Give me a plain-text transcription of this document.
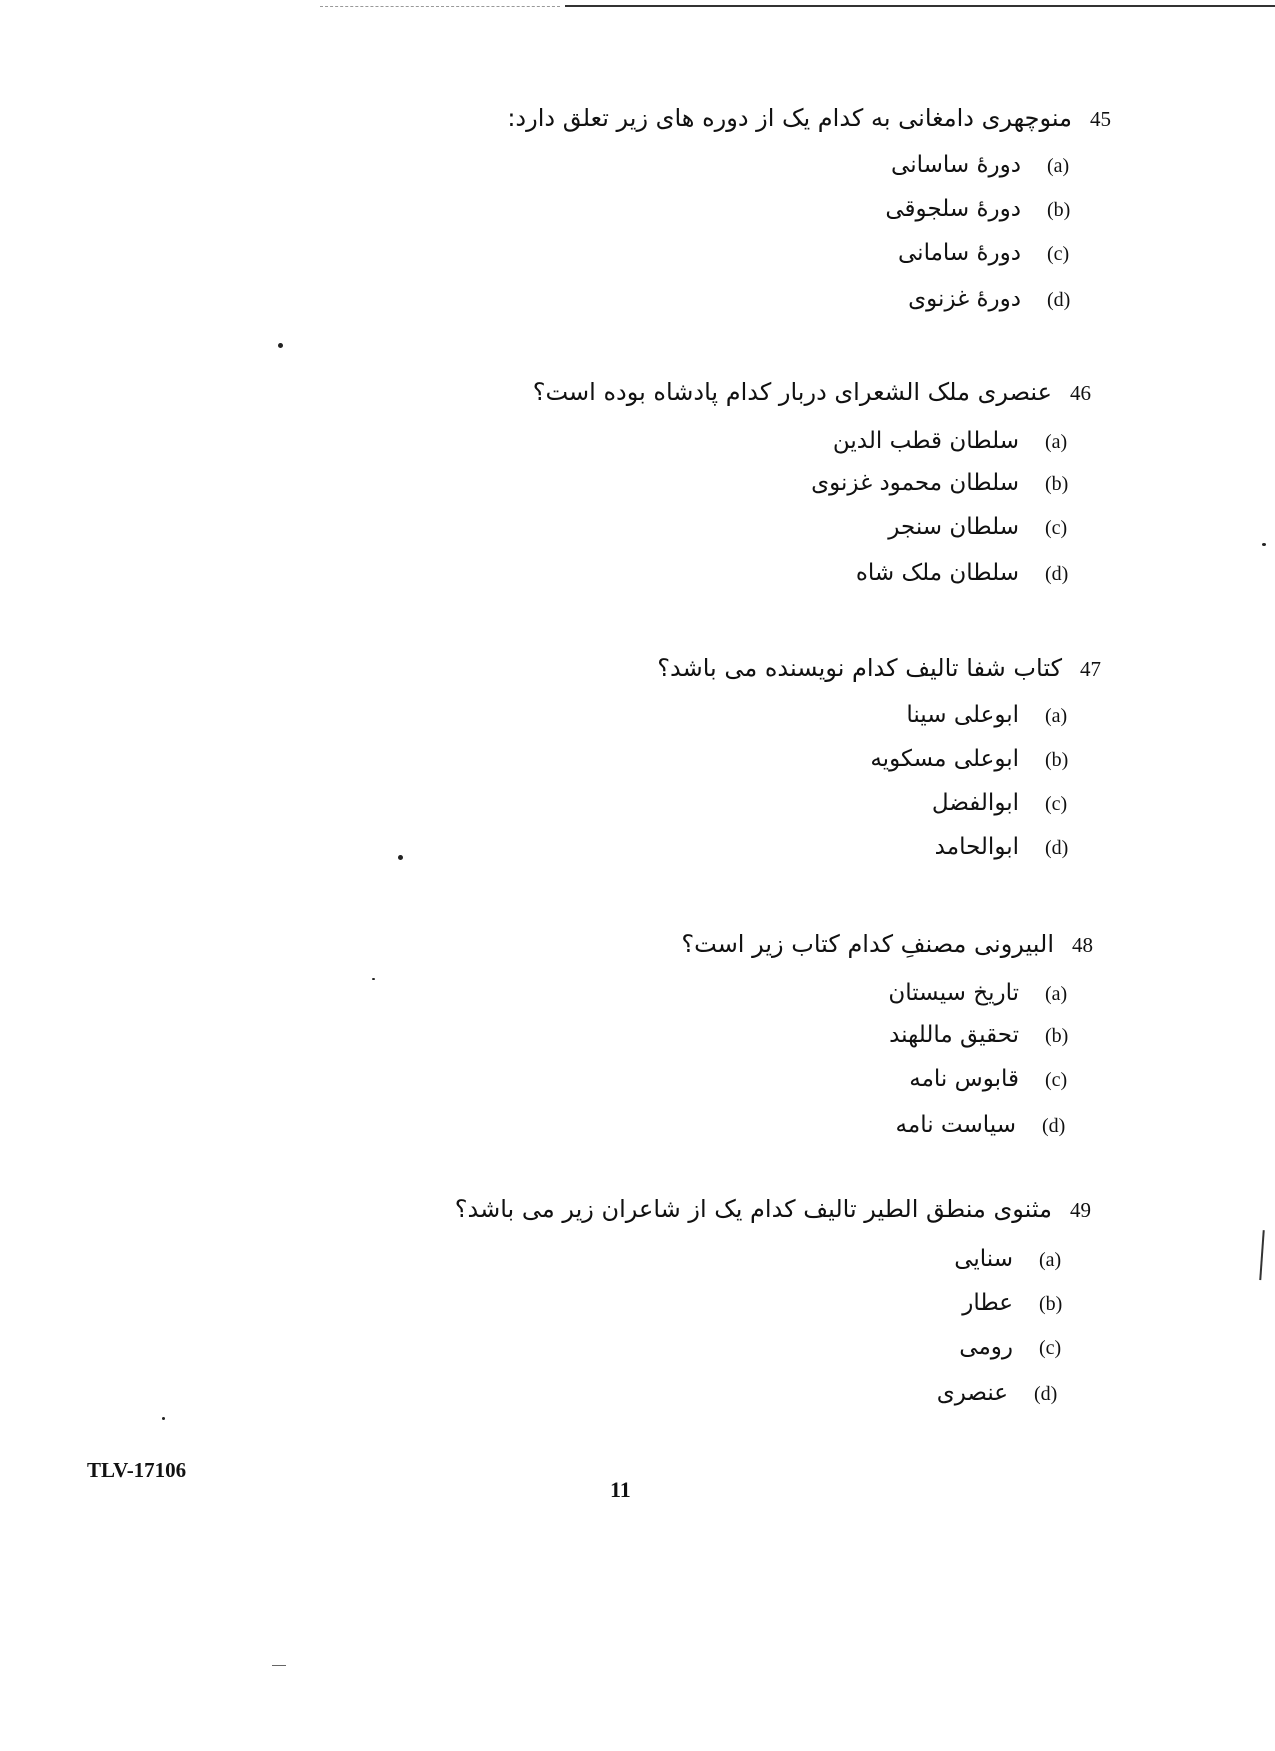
45
منوچهری دامغانی به کدام یک از دوره های زیر تعلق دارد:
(a)
دورهٔ ساسانی
(b)
دورهٔ سلجوقی
(c)
دورهٔ سامانی
(d)
دورهٔ غزنوی
46
عنصری ملک الشعرای دربار کدام پادشاه بوده است؟
(a)
سلطان قطب الدین
(b)
سلطان محمود غزنوی
(c)
سلطان سنجر
(d)
سلطان ملک شاه
47
کتاب شفا تالیف کدام نویسنده می باشد؟
(a)
ابوعلی سینا
(b)
ابوعلی مسکویه
(c)
ابوالفضل
(d)
ابوالحامد
48
البیرونی مصنفِ کدام کتاب زیر است؟
(a)
تاریخ سیستان
(b)
تحقیق ماللهند
(c)
قابوس نامه
(d)
سیاست نامه
49
مثنوی منطق الطیر تالیف کدام یک از شاعران زیر می باشد؟
(a)
سنایی
(b)
عطار
(c)
رومی
(d)
عنصری
TLV-17106
11
